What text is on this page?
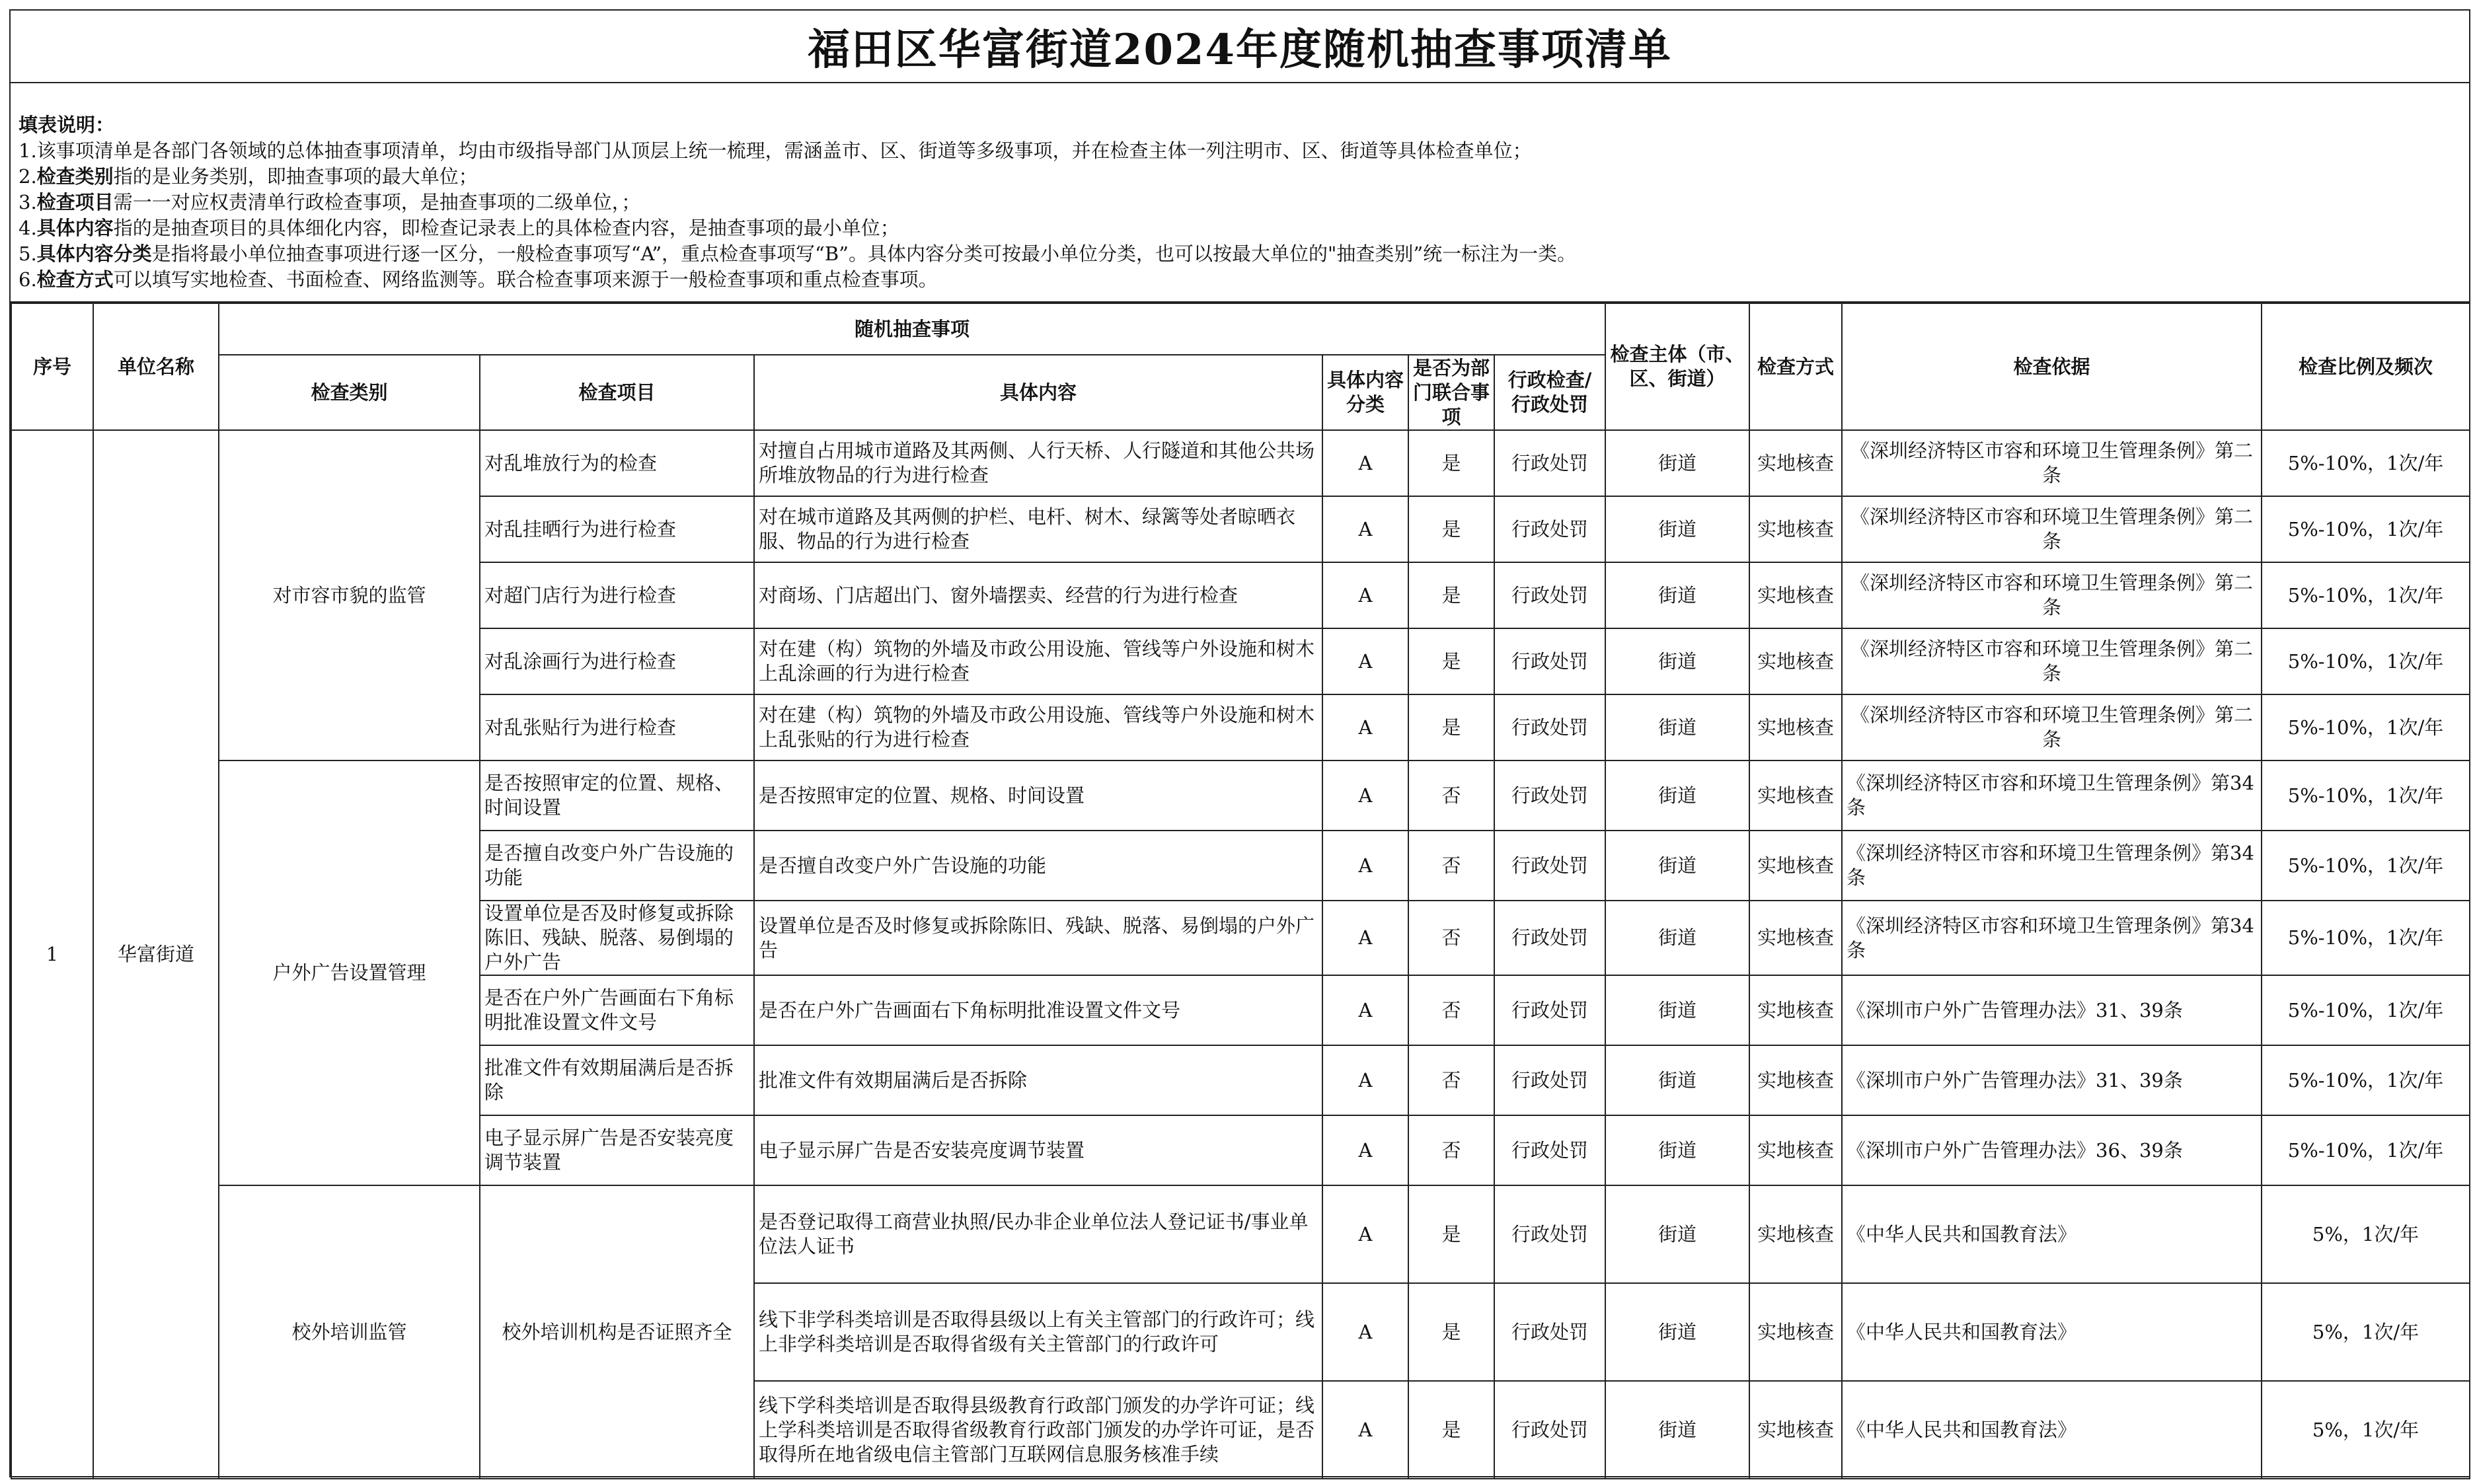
福田区华富街道2024年度随机抽查事项清单
填表说明：
1.该事项清单是各部门各领域的总体抽查事项清单，均由市级指导部门从顶层上统一梳理，需涵盖市、区、街道等多级事项，并在检查主体一列注明市、区、街道等具体检查单位；
2.检查类别指的是业务类别，即抽查事项的最大单位；
3.检查项目需一一对应权责清单行政检查事项，是抽查事项的二级单位，；
4.具体内容指的是抽查项目的具体细化内容，即检查记录表上的具体检查内容，是抽查事项的最小单位；
5.具体内容分类是指将最小单位抽查事项进行逐一区分，一般检查事项写“A”，重点检查事项写“B”。具体内容分类可按最小单位分类，也可以按最大单位的"抽查类别”统一标注为一类。
6.检查方式可以填写实地检查、书面检查、网络监测等。联合检查事项来源于一般检查事项和重点检查事项。
序号	单位名称	随机抽查事项						检查主体（市、区、街道）	检查方式	检查依据	检查比例及频次
		检查类别	检查项目	具体内容	具体内容分类	是否为部门联合事项	行政检查/行政处罚				
1	华富街道	对市容市貌的监管	对乱堆放行为的检查	对擅自占用城市道路及其两侧、人行天桥、人行隧道和其他公共场所堆放物品的行为进行检查	A	是	行政处罚	街道	实地核查	《深圳经济特区市容和环境卫生管理条例》第二条	5%-10%，1次/年
			对乱挂晒行为进行检查	对在城市道路及其两侧的护栏、电杆、树木、绿篱等处者晾晒衣服、物品的行为进行检查	A	是	行政处罚	街道	实地核查	《深圳经济特区市容和环境卫生管理条例》第二条	5%-10%，1次/年
			对超门店行为进行检查	对商场、门店超出门、窗外墙摆卖、经营的行为进行检查	A	是	行政处罚	街道	实地核查	《深圳经济特区市容和环境卫生管理条例》第二条	5%-10%，1次/年
			对乱涂画行为进行检查	对在建（构）筑物的外墙及市政公用设施、管线等户外设施和树木上乱涂画的行为进行检查	A	是	行政处罚	街道	实地核查	《深圳经济特区市容和环境卫生管理条例》第二条	5%-10%，1次/年
			对乱张贴行为进行检查	对在建（构）筑物的外墙及市政公用设施、管线等户外设施和树木上乱张贴的行为进行检查	A	是	行政处罚	街道	实地核查	《深圳经济特区市容和环境卫生管理条例》第二条	5%-10%，1次/年
		户外广告设置管理	是否按照审定的位置、规格、时间设置	是否按照审定的位置、规格、时间设置	A	否	行政处罚	街道	实地核查	《深圳经济特区市容和环境卫生管理条例》第34条	5%-10%，1次/年
			是否擅自改变户外广告设施的功能	是否擅自改变户外广告设施的功能	A	否	行政处罚	街道	实地核查	《深圳经济特区市容和环境卫生管理条例》第34条	5%-10%，1次/年
			设置单位是否及时修复或拆除陈旧、残缺、脱落、易倒塌的户外广告	设置单位是否及时修复或拆除陈旧、残缺、脱落、易倒塌的户外广告	A	否	行政处罚	街道	实地核查	《深圳经济特区市容和环境卫生管理条例》第34条	5%-10%，1次/年
			是否在户外广告画面右下角标明批准设置文件文号	是否在户外广告画面右下角标明批准设置文件文号	A	否	行政处罚	街道	实地核查	《深圳市户外广告管理办法》31、39条	5%-10%，1次/年
			批准文件有效期届满后是否拆除	批准文件有效期届满后是否拆除	A	否	行政处罚	街道	实地核查	《深圳市户外广告管理办法》31、39条	5%-10%，1次/年
			电子显示屏广告是否安装亮度调节装置	电子显示屏广告是否安装亮度调节装置	A	否	行政处罚	街道	实地核查	《深圳市户外广告管理办法》36、39条	5%-10%，1次/年
		校外培训监管	校外培训机构是否证照齐全	是否登记取得工商营业执照/民办非企业单位法人登记证书/事业单位法人证书	A	是	行政处罚	街道	实地核查	《中华人民共和国教育法》	5%，1次/年
				线下非学科类培训是否取得县级以上有关主管部门的行政许可；线上非学科类培训是否取得省级有关主管部门的行政许可	A	是	行政处罚	街道	实地核查	《中华人民共和国教育法》	5%，1次/年
				线下学科类培训是否取得县级教育行政部门颁发的办学许可证；线上学科类培训是否取得省级教育行政部门颁发的办学许可证，是否取得所在地省级电信主管部门互联网信息服务核准手续	A	是	行政处罚	街道	实地核查	《中华人民共和国教育法》	5%，1次/年
